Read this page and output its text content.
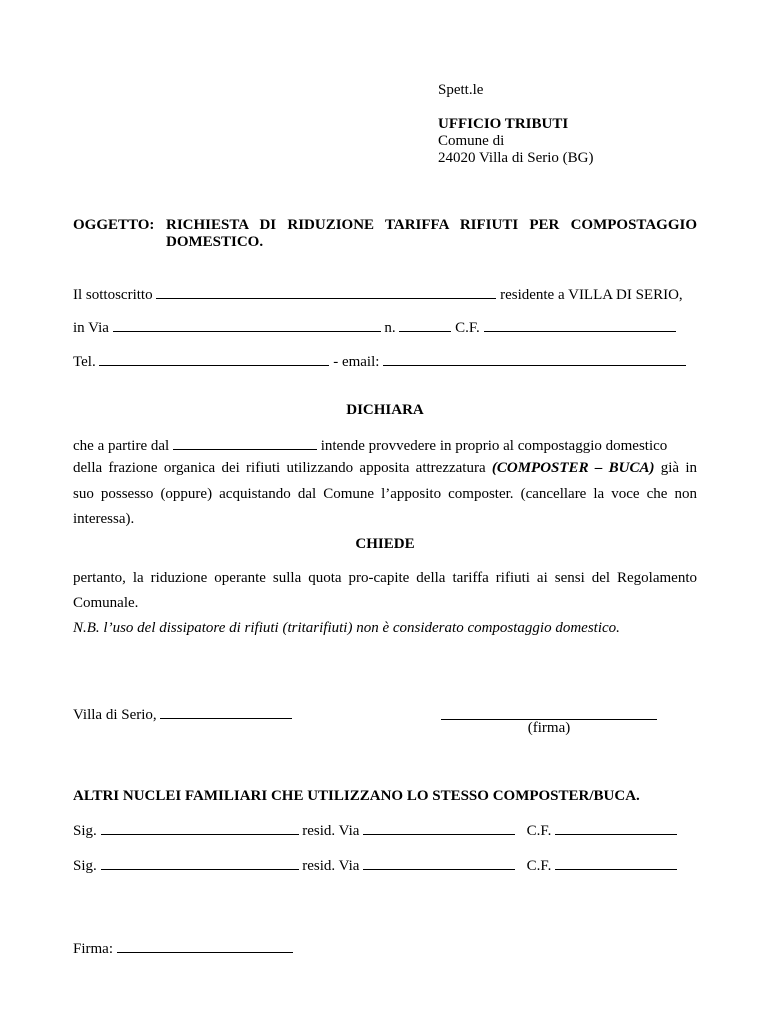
Spett.le
UFFICIO TRIBUTI
Comune di
24020 Villa di Serio (BG)
OGGETTO: RICHIESTA DI RIDUZIONE TARIFFA RIFIUTI PER COMPOSTAGGIO
DOMESTICO.
Il sottoscritto	residente a VILLA DI SERIO,
in Via	n.	C.F.
Tel.	- email:
DICHIARA
che a partire dal	intende provvedere in proprio al compostaggio domestico
della frazione organica dei rifiuti utilizzando apposita attrezzatura (COMPOSTER – BUCA) già in
suo possesso (oppure) acquistando dal Comune l’apposito composter. (cancellare la voce che non
interessa).
CHIEDE
pertanto, la riduzione operante sulla quota pro-capite della tariffa rifiuti ai sensi del Regolamento
Comunale.
N.B. l’uso del dissipatore di rifiuti (tritarifiuti) non è considerato compostaggio domestico.
Villa di Serio,
(firma)
ALTRI NUCLEI FAMILIARI CHE UTILIZZANO LO STESSO COMPOSTER/BUCA.
Sig.	resid. Via	C.F.
Sig.	resid. Via	C.F.
Firma:
